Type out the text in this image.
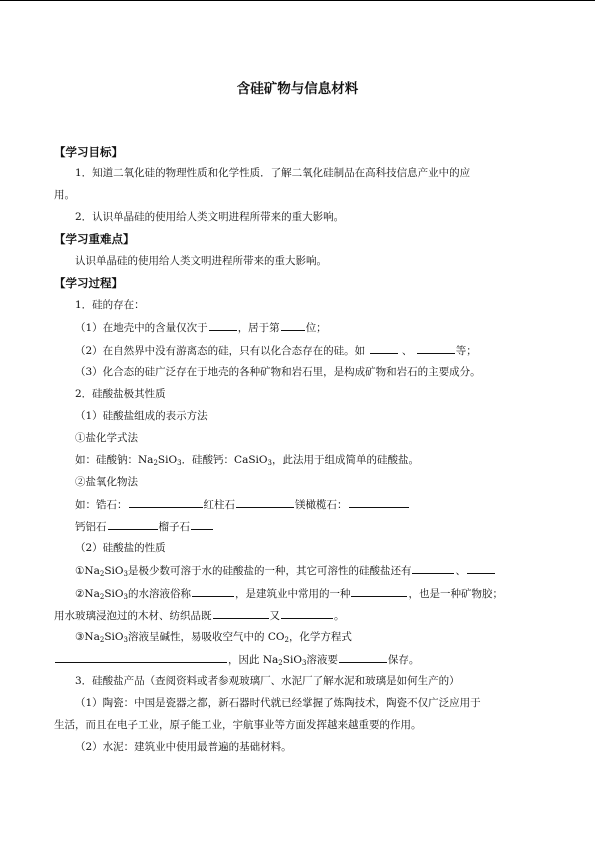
含硅矿物与信息材料
【学习目标】
1．知道二氧化硅的物理性质和化学性质．了解二氧化硅制品在高科技信息产业中的应
用。
2．认识单晶硅的使用给人类文明进程所带来的重大影响。
【学习重难点】
认识单晶硅的使用给人类文明进程所带来的重大影响。
【学习过程】
1．硅的存在：
（1）在地壳中的含量仅次于	，居于第 位；
（2）在自然界中没有游离态的硅，只有以化合态存在的硅。如	、	等；
（3）化合态的硅广泛存在于地壳的各种矿物和岩石里，是构成矿物和岩石的主要成分。
2．硅酸盐极其性质
（1）硅酸盐组成的表示方法
①盐化学式法
如：硅酸钠：$Na_2SiO_3$．硅酸钙：CaSiO$_3$，此法用于组成简单的硅酸盐。
②盐氧化物法
如：锆石：	红柱石	镁橄榄石：
钙铝石	榴子石
（2）硅酸盐的性质
$①Na_2SiO_3$是极少数可溶于水的硅酸盐的一种，其它可溶性的硅酸盐还有	、
$②Na_2SiO_3$的水溶液俗称	，是建筑业中常用的一种	，也是一种矿物胶；
用水玻璃浸泡过的木材、纺织品既	又	。
$③Na_2SiO_3$溶液呈碱性，易吸收空气中的 $CO_2$，化学方程式
，因此 $Na_2SiO_3$溶液要	保存。
3．硅酸盐产品（查阅资料或者参观玻璃厂、水泥厂了解水泥和玻璃是如何生产的）
（1）陶瓷：中国是瓷器之都，新石器时代就已经掌握了炼陶技术，陶瓷不仅广泛应用于
生活，而且在电子工业，原子能工业，宇航事业等方面发挥越来越重要的作用。
（2）水泥：建筑业中使用最普遍的基础材料。
